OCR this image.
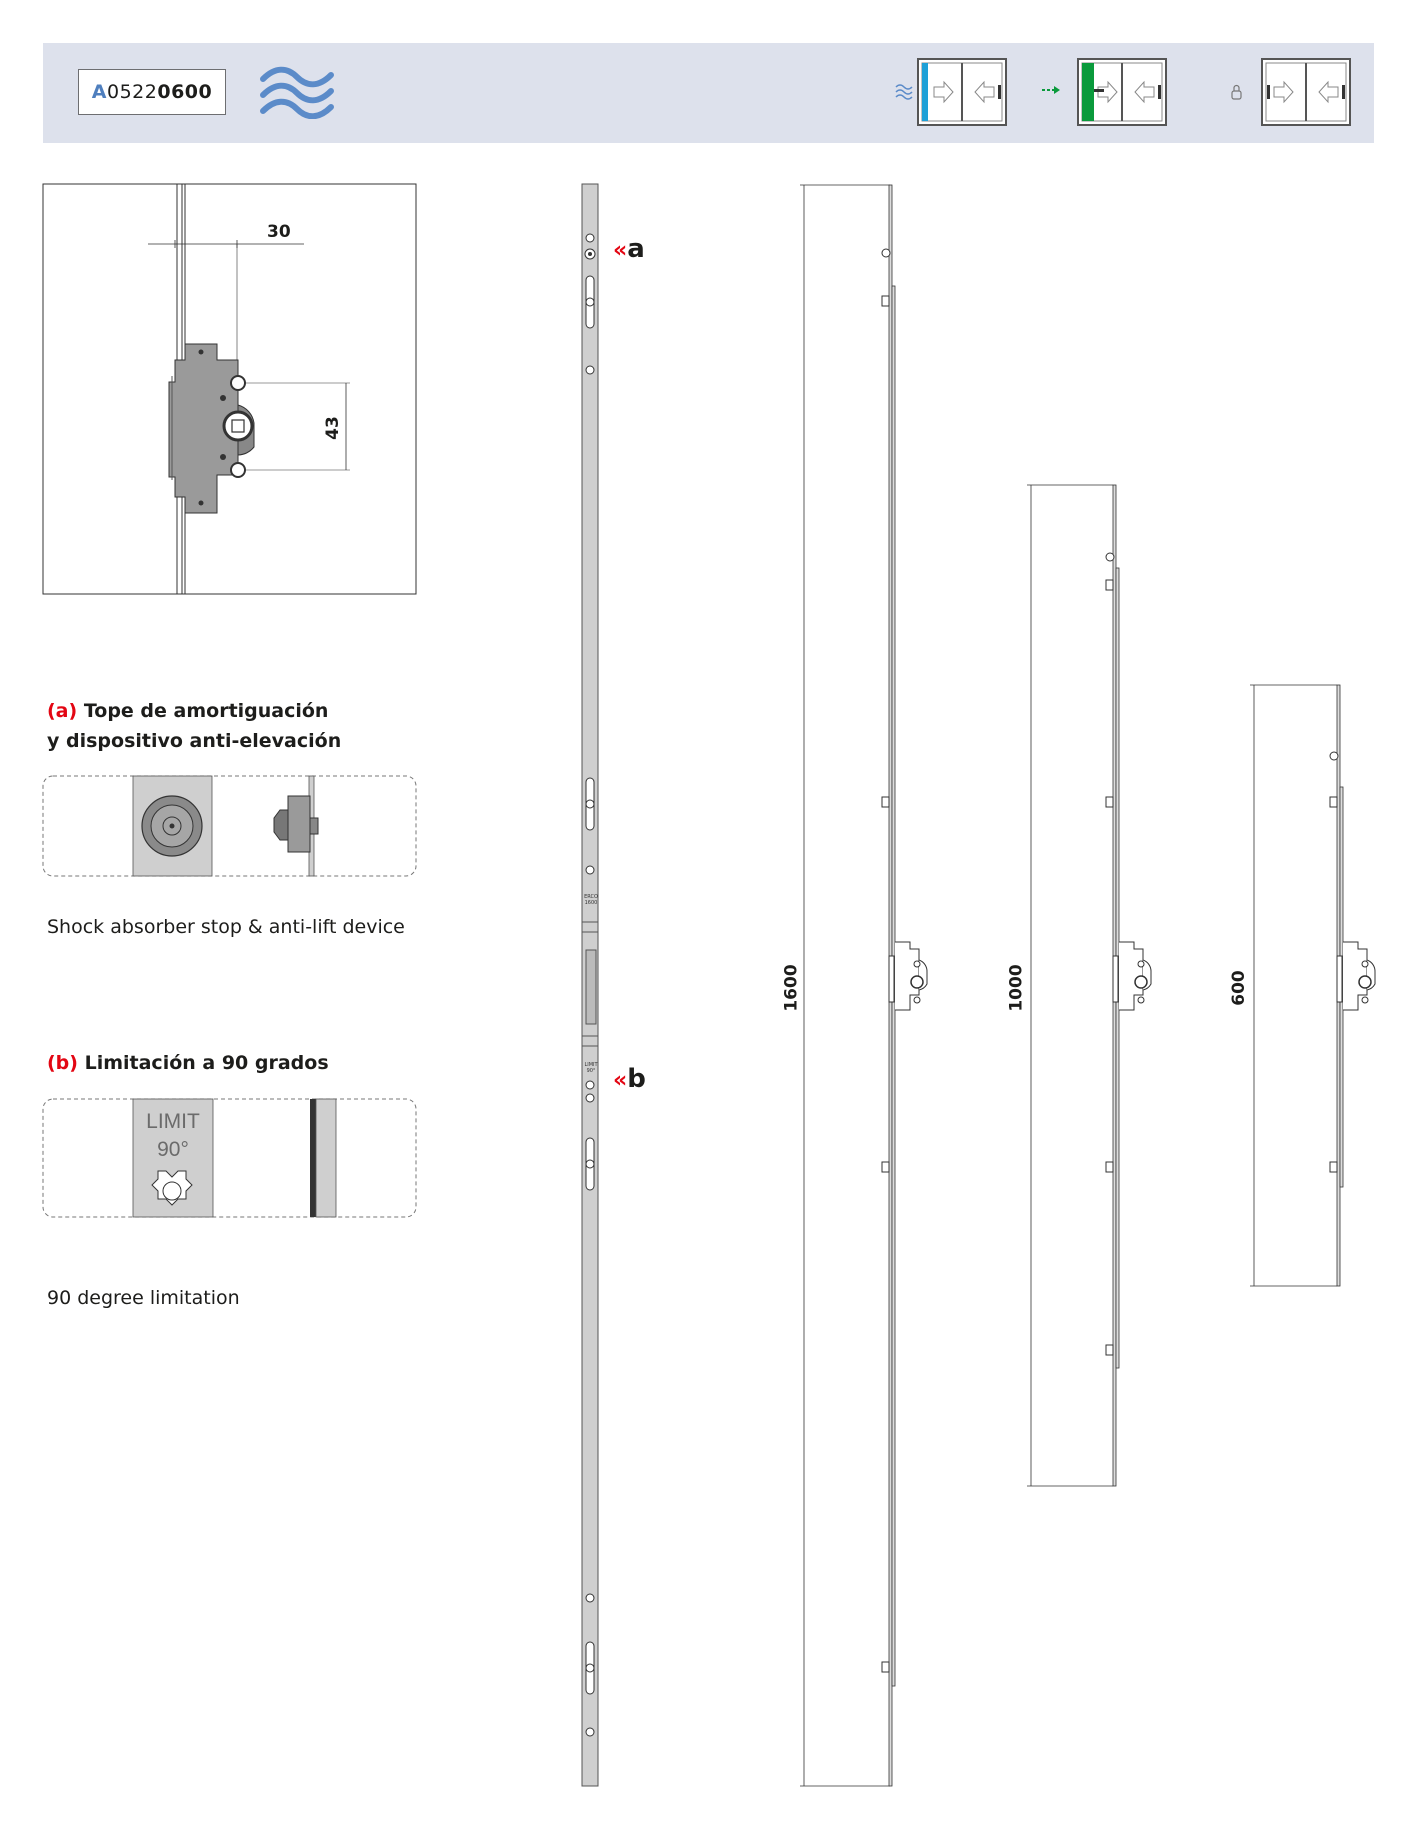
A 0522 0600
30
43
(a) Tope de amortiguación
y dispositivo anti-elevación
Shock absorber stop & anti-lift device
(b) Limitación a 90 grados
LIMIT
90°
90 degree limitation
ERCO
1600
LIMIT
90°
«a
«b
1600	1000	600
